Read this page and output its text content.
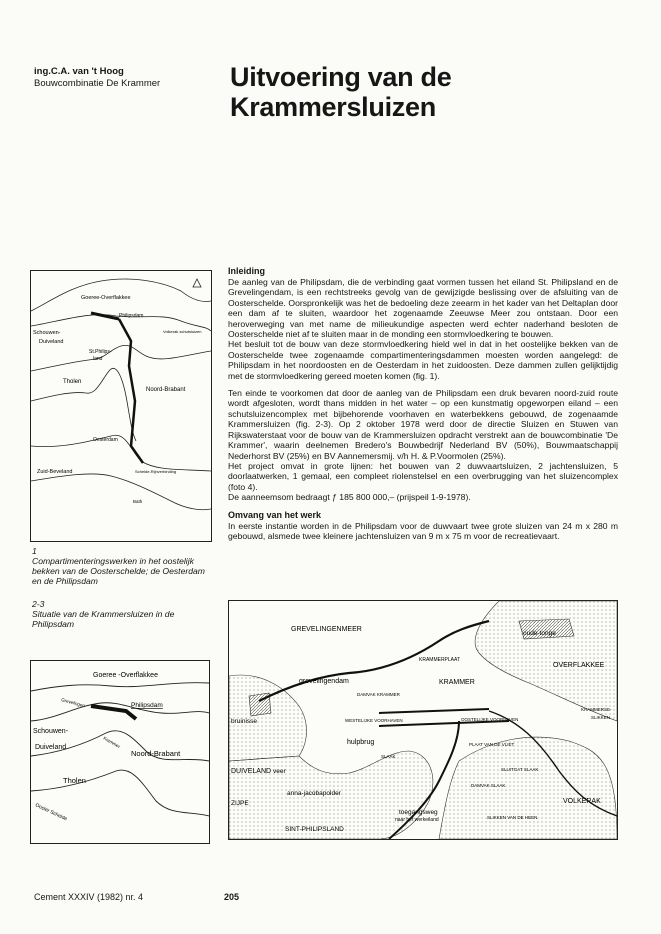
ing.C.A. van 't Hoog
Bouwcombinatie De Krammer	Uitvoering van de
Krammersluizen
Goeree-Overflakkee
Philipsdam
Schouwen-
Duiveland
St.Philips-
land
Tholen
Noord-Brabant
Oesterdam
Zuid-Beveland
Volkerak schutsluizen
Schelde-Rijnverbinding
Bath
1
Compartimenteringswerken in het oostelijk bekken van de Oosterschelde; de Oesterdam en de Philipsdam
2-3
Situatie van de Krammersluizen in de Philipsdam
Goeree -Overflakkee
Grevelingen	Philipsdam
Schouwen-
Duiveland	Krammer
Noord-Brabant
Tholen
Ooster Schelde
Inleiding

De aanleg van de Philipsdam, die de verbinding gaat vormen tussen het eiland St. Philipsland en de Grevelingendam, is een rechtstreeks gevolg van de gewijzigde beslissing over de afsluiting van de Oosterschelde. Oorspronkelijk was het de bedoeling deze zeearm in het kader van het Deltaplan door een dam af te sluiten, waardoor het zogenaamde Zeeuwse Meer zou ontstaan. Door een heroverweging van met name de milieukundige aspecten werd echter naderhand besloten de Oosterschelde niet af te sluiten maar in de monding een stormvloedkering te bouwen.

Het besluit tot de bouw van deze stormvloedkering hield wel in dat in het oostelijke bekken van de Oosterschelde twee zogenaamde compartimenteringsdammen moesten worden aangelegd: de Philipsdam in het noordoosten en de Oesterdam in het zuidoosten. Deze dammen zullen gelijktijdig met de stormvloedkering gereed moeten komen (fig. 1).

Ten einde te voorkomen dat door de aanleg van de Philipsdam een druk bevaren noord-zuid route wordt afgesloten, wordt thans midden in het water – op een kunstmatig opgeworpen eiland – een schutsluizencomplex met bijbehorende voorhaven en waterbekkens gebouwd, de zogenaamde Krammersluizen (fig. 2-3). Op 2 oktober 1978 werd door de directie Sluizen en Stuwen van Rijkswaterstaat voor de bouw van de Krammersluizen opdracht verstrekt aan de bouwcombinatie 'De Krammer', waarin deelnemen Bredero's Bouwbedrijf Nederland BV (50%), Bouwmaatschappij Nederhorst BV (25%) en BV Aannemersmij. v/h H. & P.Voormolen (25%).

Het project omvat in grote lijnen: het bouwen van 2 duwvaartsluizen, 2 jachtensluizen, 5 doorlaatwerken, 1 gemaal, een compleet riolenstelsel en een overbrugging van het sluizencomplex (foto 4).

De aanneemsom bedraagt ƒ 185 800 000,– (prijspeil 1-9-1978).

Omvang van het werk

In eerste instantie worden in de Philipsdam voor de duwvaart twee grote sluizen van 24 m x 280 m gebouwd, alsmede twee kleinere jachtensluizen van 9 m x 75 m voor de recreatievaart.

GREVELINGENMEER
oude-tonge
KRAMMERPLAAT
OVERFLAKKEE
grevelingendam	KRAMMER
DAMVAK KRAMMER
KRAMMERSE-
SLIKKEN
WESTELIJKE VOORHAVEN	OOSTELIJKE VOORHAVEN
bruinisse
PLAAT VAN DE VLIET
hulpbrug
SLAAK
DUIVELAND veer	SLUITGAT SLAAK
DAMVAK SLAAK
anna-jacobapolder
ZIJPE	VOLKERAK
toegangsweg
naar het werkeiland	SLIKKEN VAN DE HEEN
SINT-PHILIPSLAND
Cement XXXIV (1982) nr. 4	205
